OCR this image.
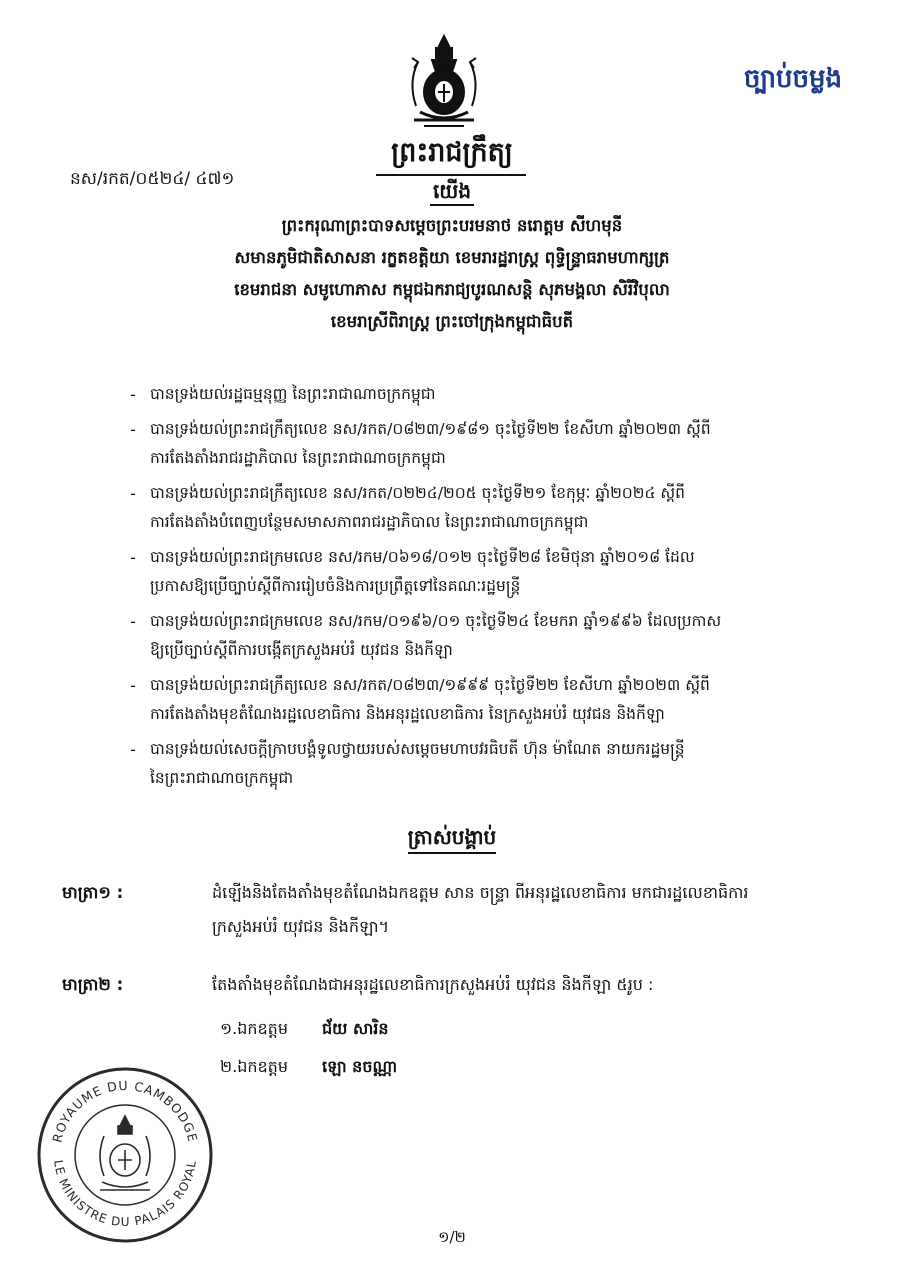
ច្បាប់ចម្លង
ព្រះរាជក្រឹត្យ
នស/រកត/០៥២៤/ ៤៧១	យើង
ព្រះករុណាព្រះបាទសម្តេចព្រះបរមនាថ នរោត្តម សីហមុនី
សមានភូមិជាតិសាសនា រក្ខតខត្តិយា ខេមរារដ្ឋរាស្ត្រ ពុទ្ធិន្ទ្រាធរាមហាក្សត្រ
ខេមរាជនា សមូហោភាស កម្ពុជឯករាជ្យបូរណសន្តិ សុភមង្គលា សិរីវិបុលា
ខេមរាស្រីពិរាស្ត្រ ព្រះចៅក្រុងកម្ពុជាធិបតី
- បានទ្រង់យល់រដ្ឋធម្មនុញ្ញ នៃព្រះរាជាណាចក្រកម្ពុជា
- បានទ្រង់យល់ព្រះរាជក្រឹត្យលេខ នស/រកត/០៨២៣/១៩៨១ ចុះថ្ងៃទី២២ ខែសីហា ឆ្នាំ២០២៣ ស្តីពី
ការតែងតាំងរាជរដ្ឋាភិបាល នៃព្រះរាជាណាចក្រកម្ពុជា
- បានទ្រង់យល់ព្រះរាជក្រឹត្យលេខ នស/រកត/០២២៤/២០៥ ចុះថ្ងៃទី២១ ខែកុម្ភៈ ឆ្នាំ២០២៤ ស្តីពី
ការតែងតាំងបំពេញបន្ថែមសមាសភាពរាជរដ្ឋាភិបាល នៃព្រះរាជាណាចក្រកម្ពុជា
- បានទ្រង់យល់ព្រះរាជក្រមលេខ នស/រកម/០៦១៨/០១២ ចុះថ្ងៃទី២៨ ខែមិថុនា ឆ្នាំ២០១៨ ដែល
ប្រកាសឱ្យប្រើច្បាប់ស្តីពីការរៀបចំនិងការប្រព្រឹត្តទៅនៃគណៈរដ្ឋមន្ត្រី
- បានទ្រង់យល់ព្រះរាជក្រមលេខ នស/រកម/០១៩៦/០១ ចុះថ្ងៃទី២៤ ខែមករា ឆ្នាំ១៩៩៦ ដែលប្រកាស
ឱ្យប្រើច្បាប់ស្តីពីការបង្កើតក្រសួងអប់រំ យុវជន និងកីឡា
- បានទ្រង់យល់ព្រះរាជក្រឹត្យលេខ នស/រកត/០៨២៣/១៩៩៩ ចុះថ្ងៃទី២២ ខែសីហា ឆ្នាំ២០២៣ ស្តីពី
ការតែងតាំងមុខតំណែងរដ្ឋលេខាធិការ និងអនុរដ្ឋលេខាធិការ នៃក្រសួងអប់រំ យុវជន និងកីឡា
- បានទ្រង់យល់សេចក្តីក្រាបបង្គំទូលថ្វាយរបស់សម្តេចមហាបវរធិបតី ហ៊ុន ម៉ាណែត នាយករដ្ឋមន្ត្រី
នៃព្រះរាជាណាចក្រកម្ពុជា
ត្រាស់បង្គាប់
មាត្រា១ :	ដំឡើងនិងតែងតាំងមុខតំណែងឯកឧត្តម សាន ចន្ទ្រា ពីអនុរដ្ឋលេខាធិការ មកជារដ្ឋលេខាធិការ
ក្រសួងអប់រំ យុវជន និងកីឡា។
មាត្រា២ :	តែងតាំងមុខតំណែងជាអនុរដ្ឋលេខាធិការក្រសួងអប់រំ យុវជន និងកីឡា ៥រូប :
១.ឯកឧត្តម	ជ័យ សារិន
២.ឯកឧត្តម	ឡោ នចណ្ណា
ROYAUME DU CAMBODGE
LE MINISTRE DU PALAIS ROYAL
១/២
